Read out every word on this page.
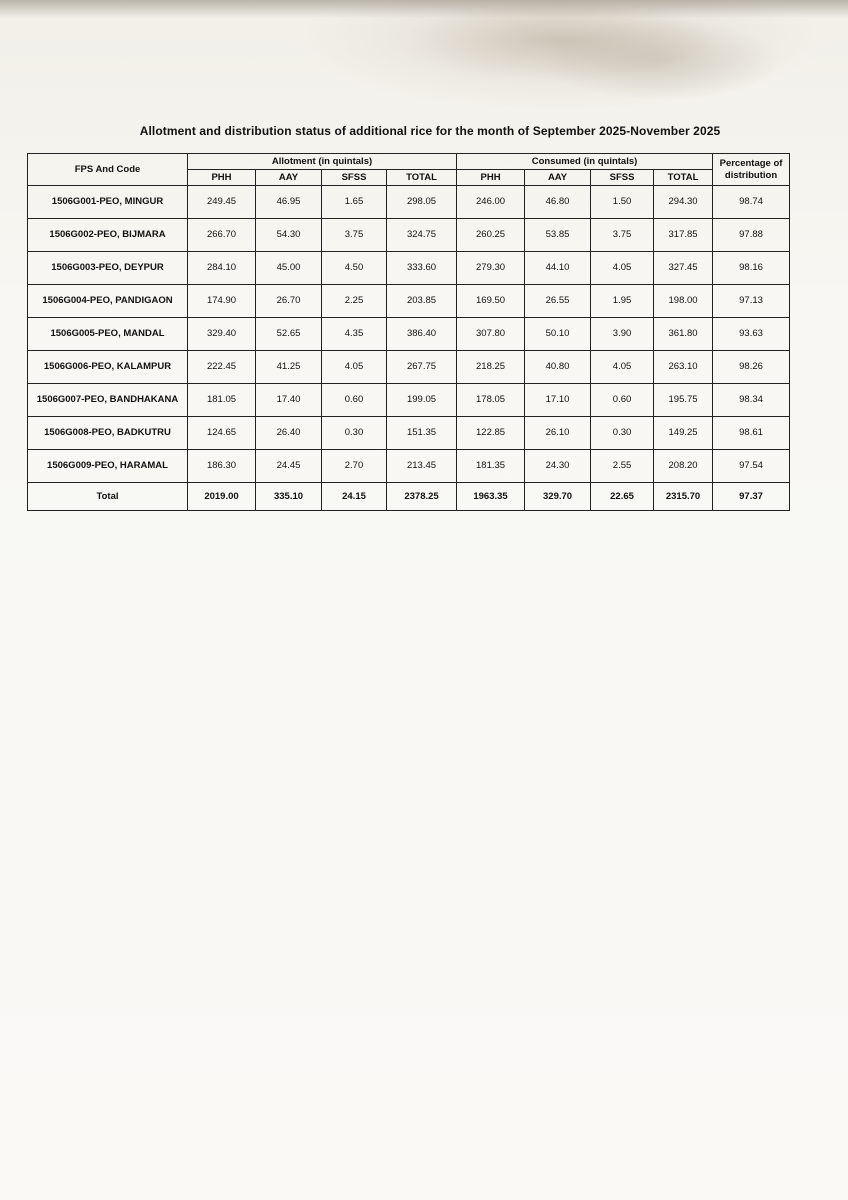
Allotment and distribution status of additional rice for the month of September 2025-November 2025
FPS And Code	Allotment (in quintals)				Consumed (in quintals)				Percentage of distribution
	PHH	AAY	SFSS	TOTAL	PHH	AAY	SFSS	TOTAL	
1506G001-PEO, MINGUR	249.45	46.95	1.65	298.05	246.00	46.80	1.50	294.30	98.74
1506G002-PEO, BIJMARA	266.70	54.30	3.75	324.75	260.25	53.85	3.75	317.85	97.88
1506G003-PEO, DEYPUR	284.10	45.00	4.50	333.60	279.30	44.10	4.05	327.45	98.16
1506G004-PEO, PANDIGAON	174.90	26.70	2.25	203.85	169.50	26.55	1.95	198.00	97.13
1506G005-PEO, MANDAL	329.40	52.65	4.35	386.40	307.80	50.10	3.90	361.80	93.63
1506G006-PEO, KALAMPUR	222.45	41.25	4.05	267.75	218.25	40.80	4.05	263.10	98.26
1506G007-PEO, BANDHAKANA	181.05	17.40	0.60	199.05	178.05	17.10	0.60	195.75	98.34
1506G008-PEO, BADKUTRU	124.65	26.40	0.30	151.35	122.85	26.10	0.30	149.25	98.61
1506G009-PEO, HARAMAL	186.30	24.45	2.70	213.45	181.35	24.30	2.55	208.20	97.54
Total	2019.00	335.10	24.15	2378.25	1963.35	329.70	22.65	2315.70	97.37
